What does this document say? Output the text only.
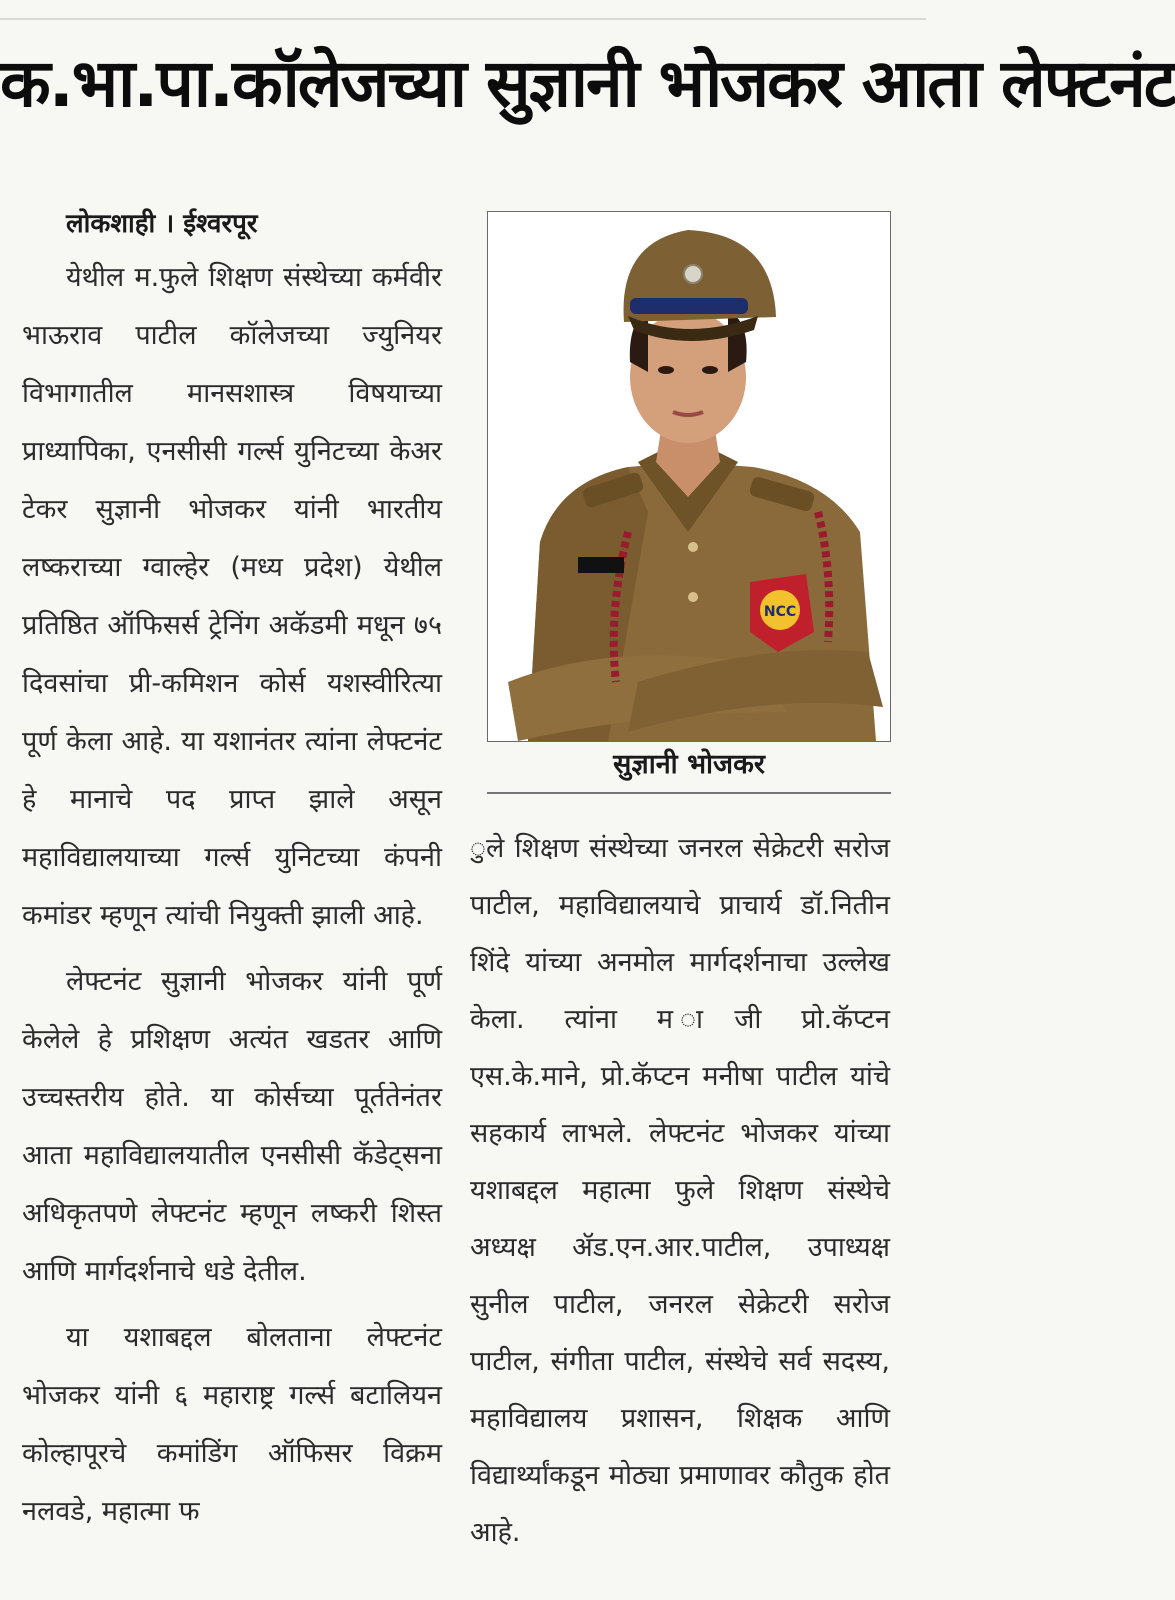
क.भा.पा.कॉलेजच्या सुज्ञानी भोजकर आता लेफ्टनंट
लोकशाही । ईश्वरपूर

येथील म.फुले शिक्षण संस्थेच्या कर्मवीर भाऊराव पाटील कॉलेजच्या ज्युनियर विभागातील मानसशास्त्र विषयाच्या प्राध्यापिका, एनसीसी गर्ल्स युनिटच्या केअर टेकर सुज्ञानी भोजकर यांनी भारतीय लष्कराच्या ग्वाल्हेर (मध्य प्रदेश) येथील प्रतिष्ठित ऑफिसर्स ट्रेनिंग अकॅडमी मधून ७५ दिवसांचा प्री-कमिशन कोर्स यशस्वीरित्या पूर्ण केला आहे. या यशानंतर त्यांना लेफ्टनंट हे मानाचे पद प्राप्त झाले असून महाविद्यालयाच्या गर्ल्स युनिटच्या कंपनी कमांडर म्हणून त्यांची नियुक्ती झाली आहे.

लेफ्टनंट सुज्ञानी भोजकर यांनी पूर्ण केलेले हे प्रशिक्षण अत्यंत खडतर आणि उच्चस्तरीय होते. या कोर्सच्या पूर्ततेनंतर आता महाविद्यालयातील एनसीसी कॅडेट्सना अधिकृतपणे लेफ्टनंट म्हणून लष्करी शिस्त आणि मार्गदर्शनाचे धडे देतील.

या यशाबद्दल बोलताना लेफ्टनंट भोजकर यांनी ६ महाराष्ट्र गर्ल्स बटालियन कोल्हापूरचे कमांडिंग ऑफिसर विक्रम नलवडे, महात्मा फ

NCC
सुज्ञानी भोजकर

ुले शिक्षण संस्थेच्या जनरल सेक्रेटरी सरोज पाटील, महाविद्यालयाचे प्राचार्य डॉ.नितीन शिंदे यांच्या अनमोल मार्गदर्शनाचा उल्लेख केला. त्यांना म ाजी प्रो.कॅप्टन एस.के.माने, प्रो.कॅप्टन मनीषा पाटील यांचे सहकार्य लाभले. लेफ्टनंट भोजकर यांच्या यशाबद्दल महात्मा फुले शिक्षण संस्थेचे अध्यक्ष ॲड.एन.आर.पाटील, उपाध्यक्ष सुनील पाटील, जनरल सेक्रेटरी सरोज पाटील, संगीता पाटील, संस्थेचे सर्व सदस्य, महाविद्यालय प्रशासन, शिक्षक आणि विद्यार्थ्यांकडून मोठ्या प्रमाणावर कौतुक होत आहे.
